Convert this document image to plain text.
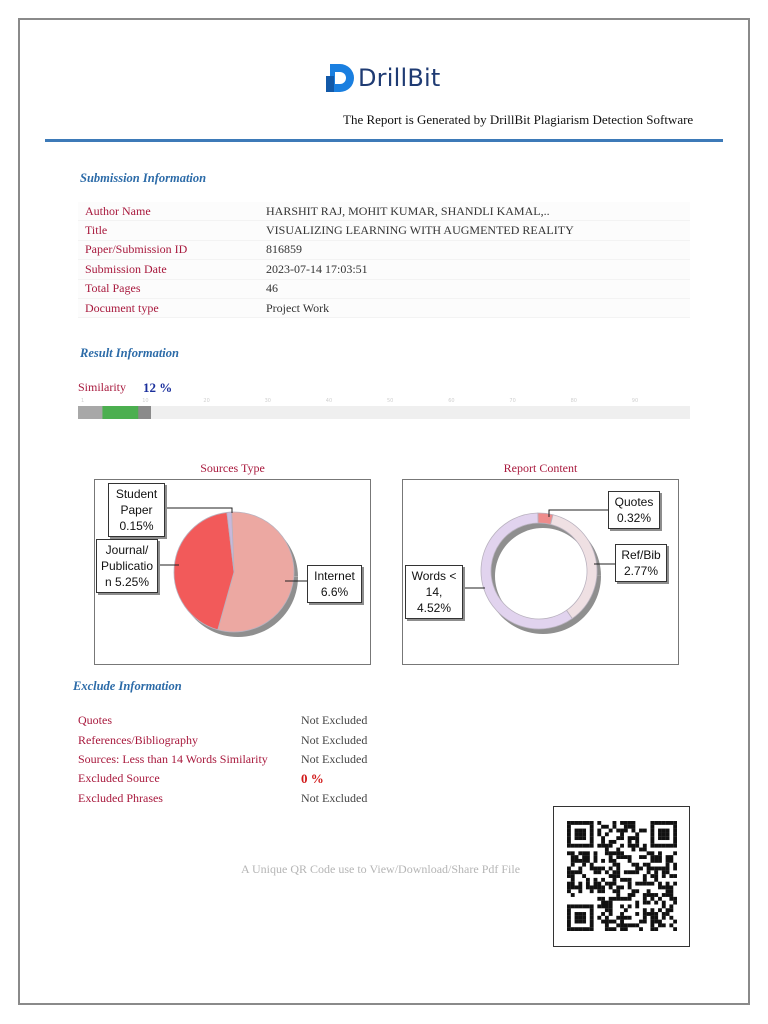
DrillBit
The Report is Generated by DrillBit Plagiarism Detection Software
Submission Information
Author Name	HARSHIT RAJ, MOHIT KUMAR, SHANDLI KAMAL,..
Title	VISUALIZING LEARNING WITH AUGMENTED REALITY
Paper/Submission ID	816859
Submission Date	2023-07-14 17:03:51
Total Pages	46
Document type	Project Work
Result Information
Similarity 12 %
1	10	20	30	40	50	60	70	80	90
Sources Type
Student
Paper
0.15%
Journal/
Publicatio
n 5.25%	Internet
6.6%
Report Content
Quotes
0.32%
Ref/Bib
2.77%
Words <
14,
4.52%
Exclude Information
Quotes	Not Excluded
References/Bibliography	Not Excluded
Sources: Less than 14 Words Similarity	Not Excluded
Excluded Source	0 %
Excluded Phrases	Not Excluded
A Unique QR Code use to View/Download/Share Pdf File
